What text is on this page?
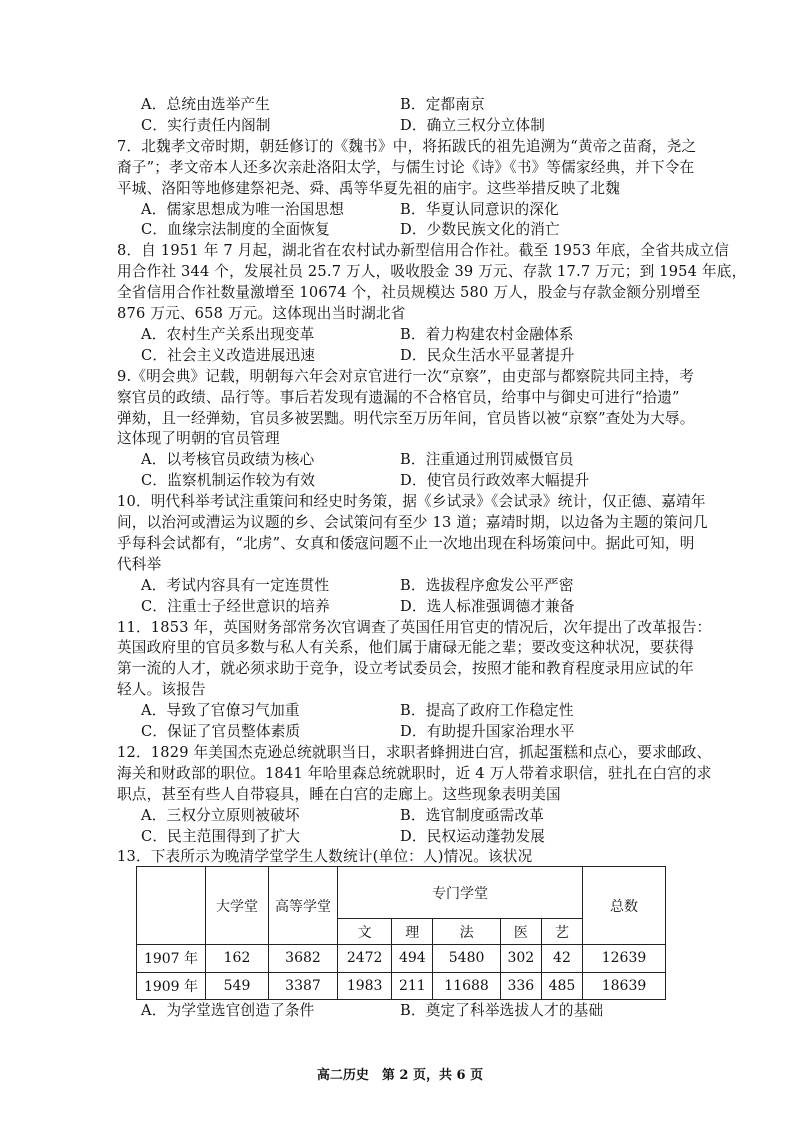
A．总统由选举产生	B．定都南京
C．实行责任内阁制	D．确立三权分立体制
7．北魏孝文帝时期，朝廷修订的《魏书》中，将拓跋氏的祖先追溯为“黄帝之苗裔，尧之
裔子”；孝文帝本人还多次亲赴洛阳太学，与儒生讨论《诗》《书》等儒家经典，并下令在
平城、洛阳等地修建祭祀尧、舜、禹等华夏先祖的庙宇。这些举措反映了北魏
A．儒家思想成为唯一治国思想	B．华夏认同意识的深化
C．血缘宗法制度的全面恢复	D．少数民族文化的消亡
8．自 1951 年 7 月起，湖北省在农村试办新型信用合作社。截至 1953 年底，全省共成立信
用合作社 344 个，发展社员 25.7 万人，吸收股金 39 万元、存款 17.7 万元；到 1954 年底，
全省信用合作社数量激增至 10674 个，社员规模达 580 万人，股金与存款金额分别增至
876 万元、658 万元。这体现出当时湖北省
A．农村生产关系出现变革	B．着力构建农村金融体系
C．社会主义改造进展迅速	D．民众生活水平显著提升
9.《明会典》记载，明朝每六年会对京官进行一次“京察”，由吏部与都察院共同主持，考
察官员的政绩、品行等。事后若发现有遗漏的不合格官员，给事中与御史可进行“拾遗”
弹劾，且一经弹劾，官员多被罢黜。明代宗至万历年间，官员皆以被“京察”查处为大辱。
这体现了明朝的官员管理
A．以考核官员政绩为核心	B．注重通过刑罚威慑官员
C．监察机制运作较为有效	D．使官员行政效率大幅提升
10．明代科举考试注重策问和经史时务策，据《乡试录》《会试录》统计，仅正德、嘉靖年
间，以治河或漕运为议题的乡、会试策问有至少 13 道；嘉靖时期，以边备为主题的策问几
乎每科会试都有，“北虏”、女真和倭寇问题不止一次地出现在科场策问中。据此可知，明
代科举
A．考试内容具有一定连贯性	B．选拔程序愈发公平严密
C．注重士子经世意识的培养	D．选人标准强调德才兼备
11．1853 年，英国财务部常务次官调查了英国任用官吏的情况后，次年提出了改革报告：
英国政府里的官员多数与私人有关系，他们属于庸碌无能之辈；要改变这种状况，要获得
第一流的人才，就必须求助于竞争，设立考试委员会，按照才能和教育程度录用应试的年
轻人。该报告
A．导致了官僚习气加重	B．提高了政府工作稳定性
C．保证了官员整体素质	D．有助提升国家治理水平
	大学堂	高等学堂	专门学堂					总数
			文	理	法	医	艺	
1907 年	162	3682	2472	494	5480	302	42	12639
1909 年	549	3387	1983	211	11688	336	485	18639
高二历史　第 2 页，共 6 页
12．1829 年美国杰克逊总统就职当日，求职者蜂拥进白宫，抓起蛋糕和点心，要求邮政、
海关和财政部的职位。1841 年哈里森总统就职时，近 4 万人带着求职信，驻扎在白宫的求
职点，甚至有些人自带寝具，睡在白宫的走廊上。这些现象表明美国
A．三权分立原则被破坏	B．选官制度亟需改革
C．民主范围得到了扩大	D．民权运动蓬勃发展
13．下表所示为晚清学堂学生人数统计(单位：人)情况。该状况
A．为学堂选官创造了条件	B．奠定了科举选拔人才的基础
